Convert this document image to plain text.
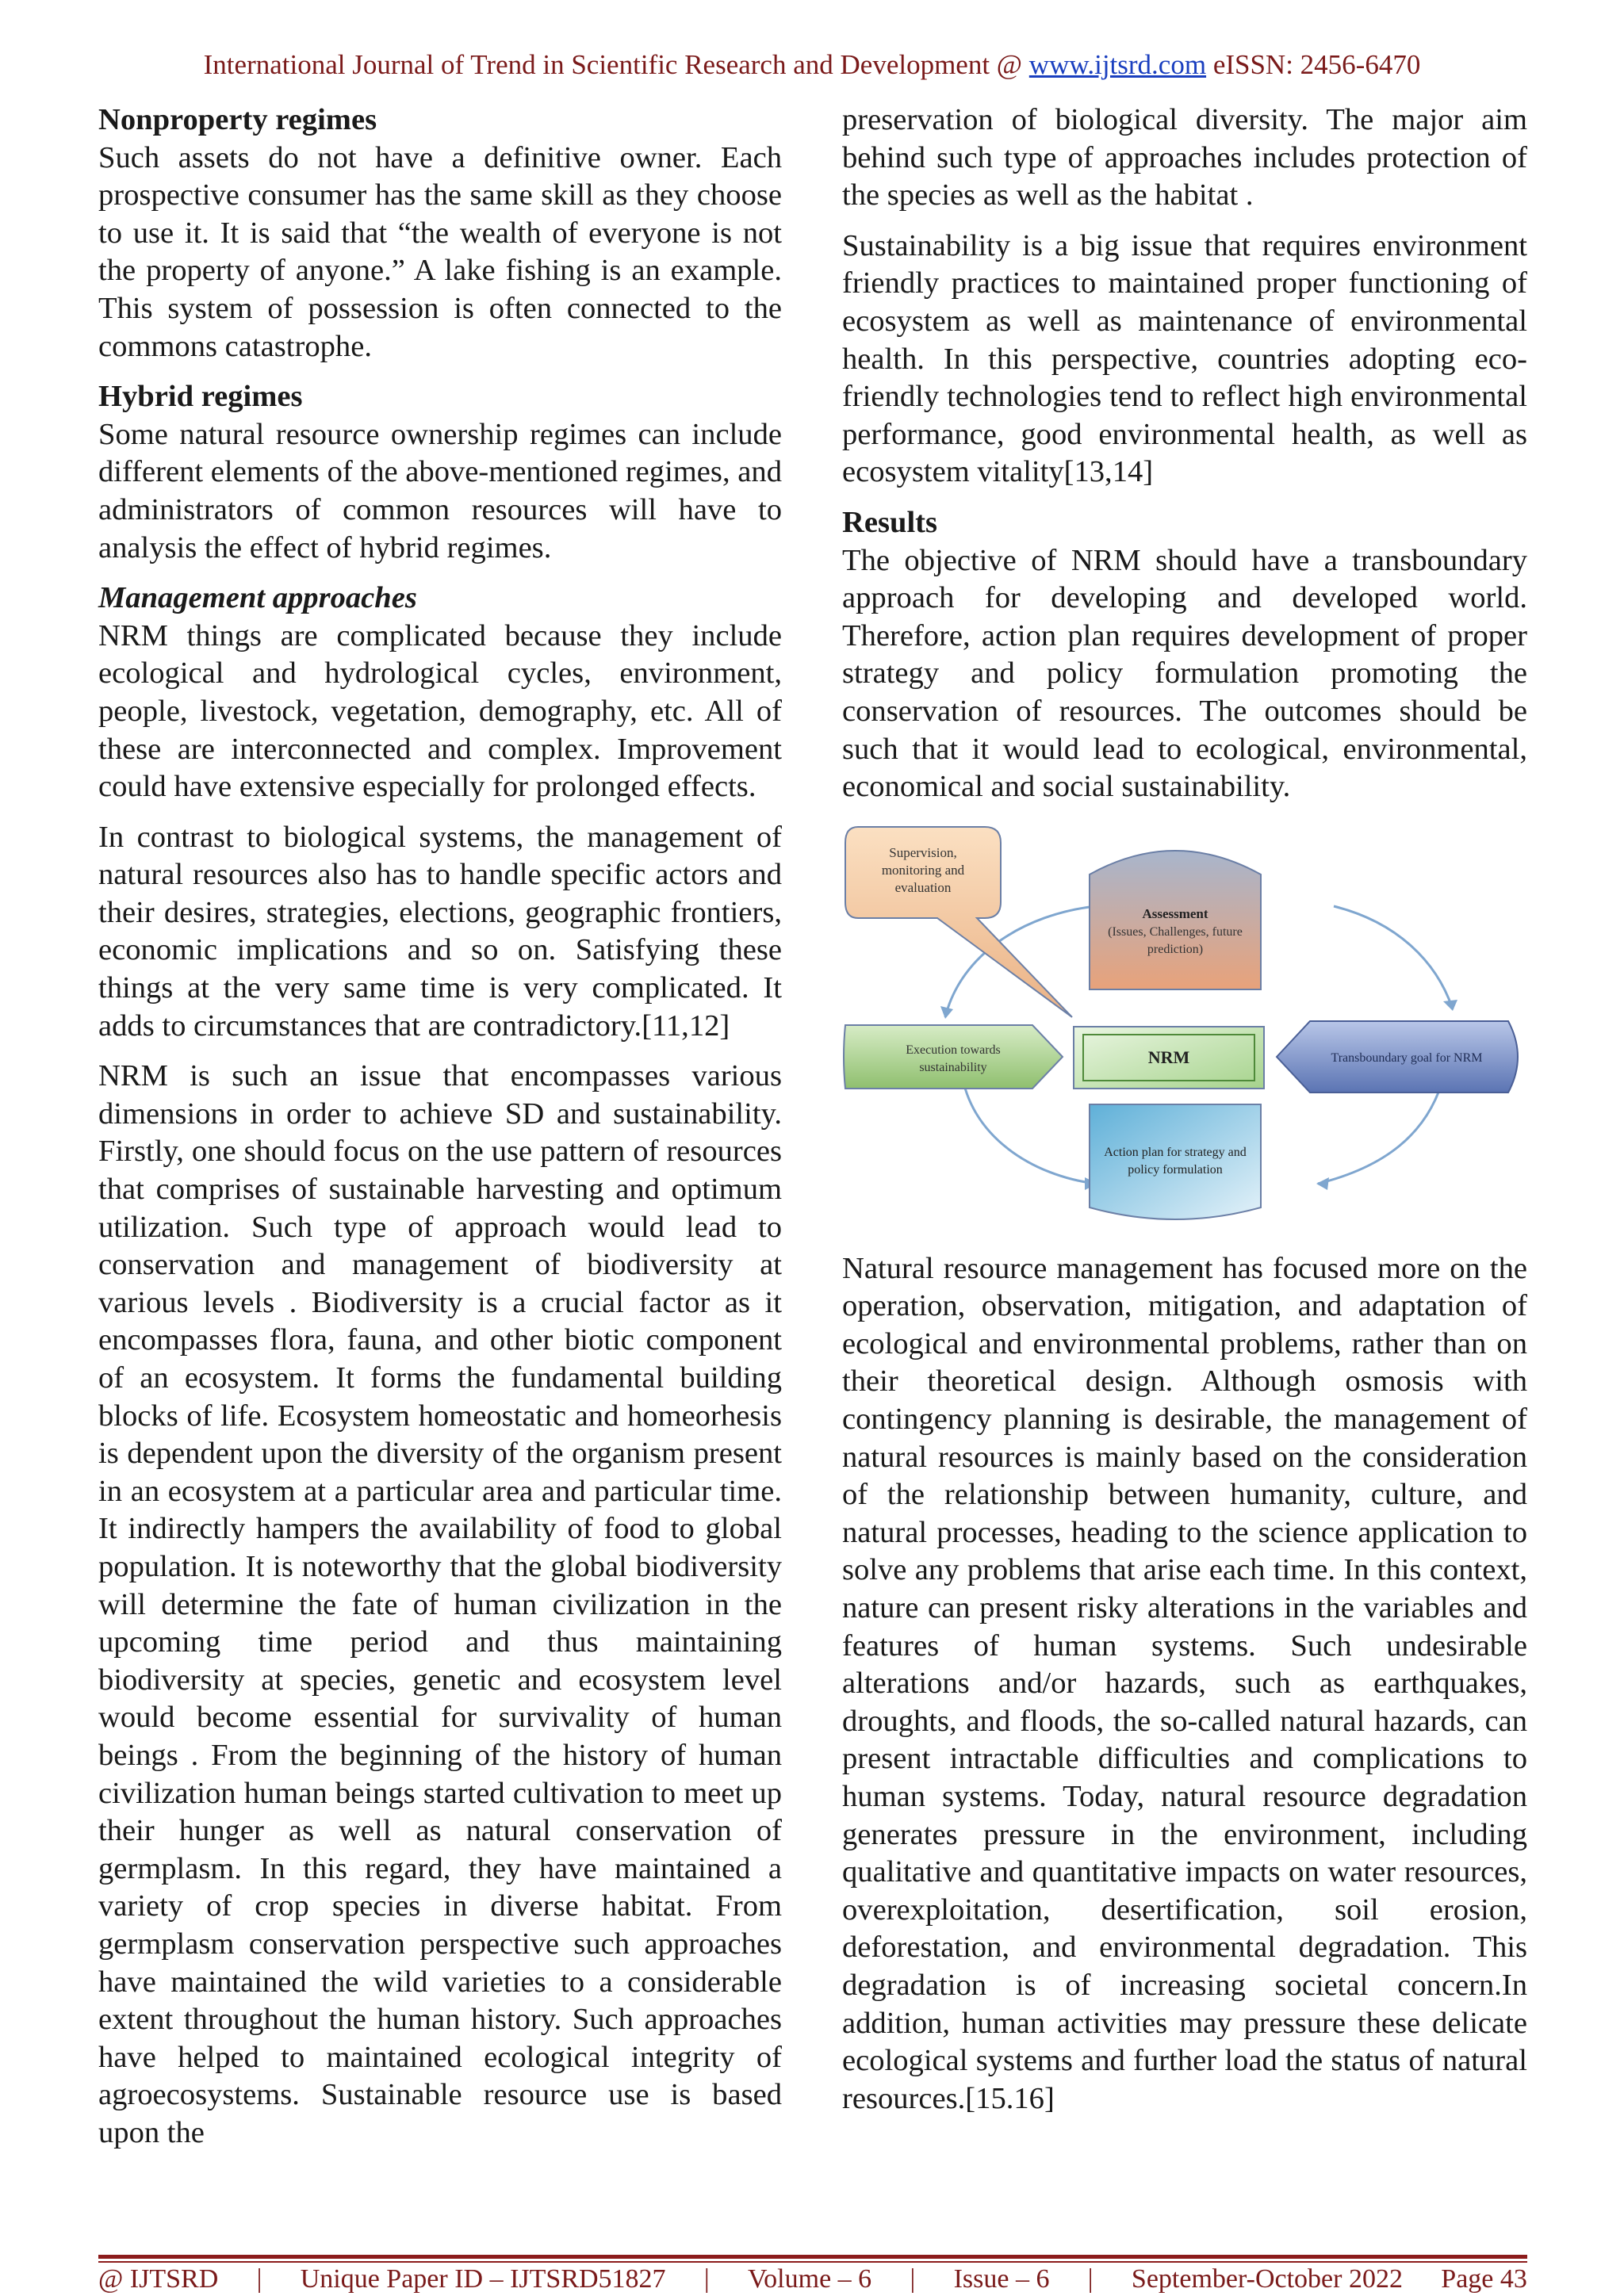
International Journal of Trend in Scientific Research and Development @ www.ijtsrd.com eISSN: 2456-6470
Nonproperty regimes

Such assets do not have a definitive owner. Each prospective consumer has the same skill as they choose to use it. It is said that “the wealth of everyone is not the property of anyone.” A lake fishing is an example. This system of possession is often connected to the commons catastrophe.

Hybrid regimes

Some natural resource ownership regimes can include different elements of the above-mentioned regimes, and administrators of common resources will have to analysis the effect of hybrid regimes.

Management approaches

NRM things are complicated because they include ecological and hydrological cycles, environment, people, livestock, vegetation, demography, etc. All of these are interconnected and complex. Improvement could have extensive especially for prolonged effects.

In contrast to biological systems, the management of natural resources also has to handle specific actors and their desires, strategies, elections, geographic frontiers, economic implications and so on. Satisfying these things at the very same time is very complicated. It adds to circumstances that are contradictory.[11,12]

NRM is such an issue that encompasses various dimensions in order to achieve SD and sustainability. Firstly, one should focus on the use pattern of resources that comprises of sustainable harvesting and optimum utilization. Such type of approach would lead to conservation and management of biodiversity at various levels . Biodiversity is a crucial factor as it encompasses flora, fauna, and other biotic component of an ecosystem. It forms the fundamental building blocks of life. Ecosystem homeostatic and homeorhesis is dependent upon the diversity of the organism present in an ecosystem at a particular area and particular time. It indirectly hampers the availability of food to global population. It is noteworthy that the global biodiversity will determine the fate of human civilization in the upcoming time period and thus maintaining biodiversity at species, genetic and ecosystem level would become essential for survivality of human beings . From the beginning of the history of human civilization human beings started cultivation to meet up their hunger as well as natural conservation of germplasm. In this regard, they have maintained a variety of crop species in diverse habitat. From germplasm conservation perspective such approaches have maintained the wild varieties to a considerable extent throughout the human history. Such approaches have helped to maintained ecological integrity of agroecosystems. Sustainable resource use is based upon the

preservation of biological diversity. The major aim behind such type of approaches includes protection of the species as well as the habitat .

Sustainability is a big issue that requires environment friendly practices to maintained proper functioning of ecosystem as well as maintenance of environmental health. In this perspective, countries adopting eco-friendly technologies tend to reflect high environmental performance, good environmental health, as well as ecosystem vitality[13,14]

Results

The objective of NRM should have a transboundary approach for developing and developed world. Therefore, action plan requires development of proper strategy and policy formulation promoting the conservation of resources. The outcomes should be such that it would lead to ecological, environmental, economical and social sustainability.

Supervision,
monitoring and
evaluation
Assessment
(Issues, Challenges, future
prediction)
Execution towards
sustainability
NRM	Transboundary goal for NRM
Action plan for strategy and
policy formulation

Natural resource management has focused more on the operation, observation, mitigation, and adaptation of ecological and environmental problems, rather than on their theoretical design. Although osmosis with contingency planning is desirable, the management of natural resources is mainly based on the consideration of the relationship between humanity, culture, and natural processes, heading to the science application to solve any problems that arise each time. In this context, nature can present risky alterations in the variables and features of human systems. Such undesirable alterations and/or hazards, such as earthquakes, droughts, and floods, the so-called natural hazards, can present intractable difficulties and complications to human systems. Today, natural resource degradation generates pressure in the environment, including qualitative and quantitative impacts on water resources, overexploitation, desertification, soil erosion, deforestation, and environmental degradation. This degradation is of increasing societal concern.In addition, human activities may pressure these delicate ecological systems and further load the status of natural resources.[15.16]

@ IJTSRD | Unique Paper ID – IJTSRD51827 | Volume – 6 | Issue – 6 | September-October 2022 Page 43
